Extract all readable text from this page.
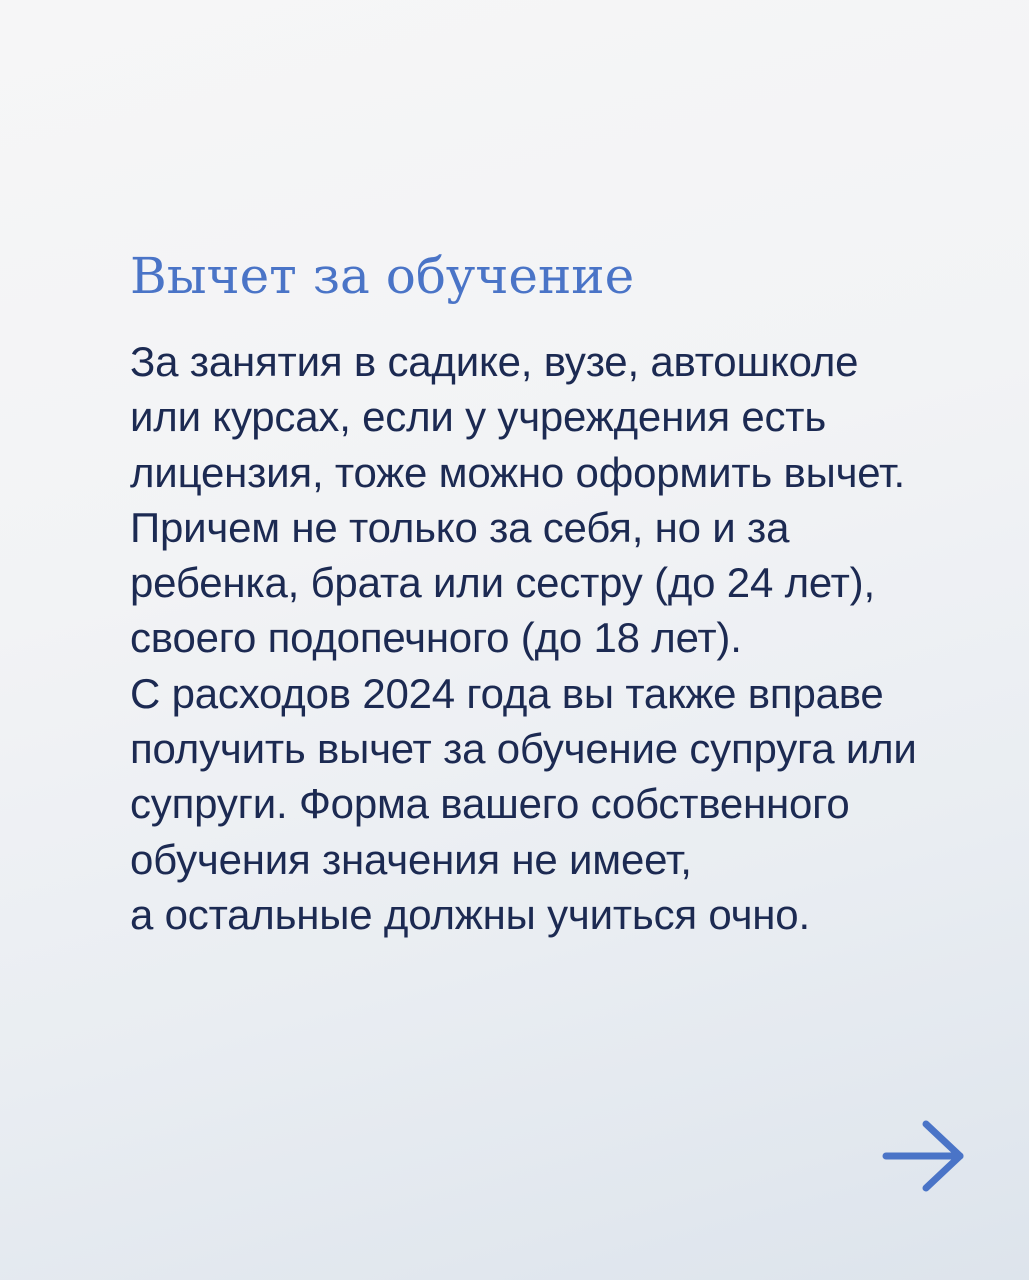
Вычет за обучение
За занятия в садике, вузе, автошколе
или курсах, если у учреждения есть
лицензия, тоже можно оформить вычет.
Причем не только за себя, но и за
ребенка, брата или сестру (до 24 лет),
своего подопечного (до 18 лет).
С расходов 2024 года вы также вправе
получить вычет за обучение супруга или
супруги. Форма вашего собственного
обучения значения не имеет,
а остальные должны учиться очно.
